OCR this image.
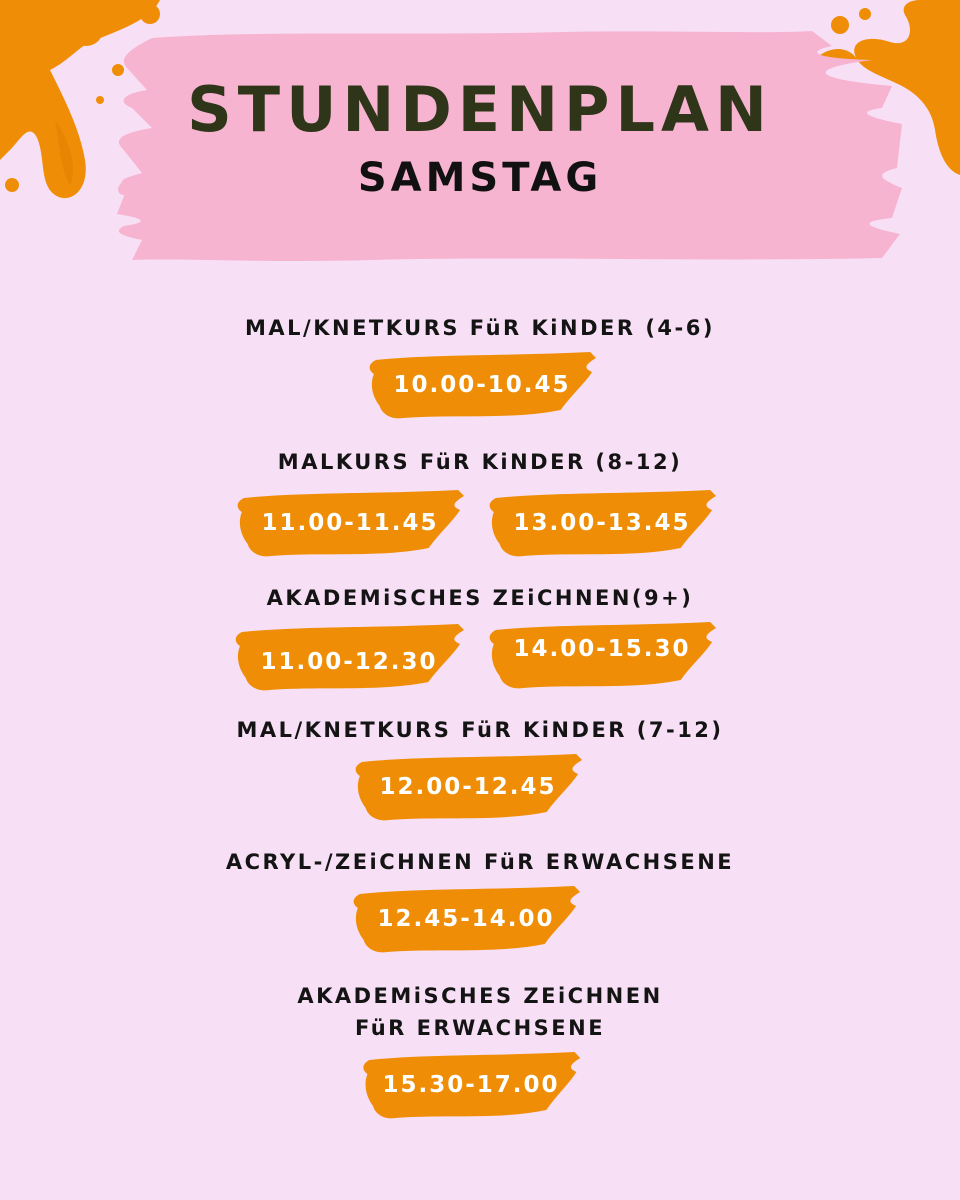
STUNDENPLAN
SAMSTAG
MAL/KNETKURS FüR KiNDER (4-6)
10.00-10.45
MALKURS FüR KiNDER (8-12)
11.00-11.45	13.00-13.45
AKADEMiSCHES ZEiCHNEN(9+)
11.00-12.30	14.00-15.30
MAL/KNETKURS FüR KiNDER (7-12)
12.00-12.45
ACRYL-/ZEiCHNEN FüR ERWACHSENE
12.45-14.00
AKADEMiSCHES ZEiCHNEN
FüR ERWACHSENE
15.30-17.00
